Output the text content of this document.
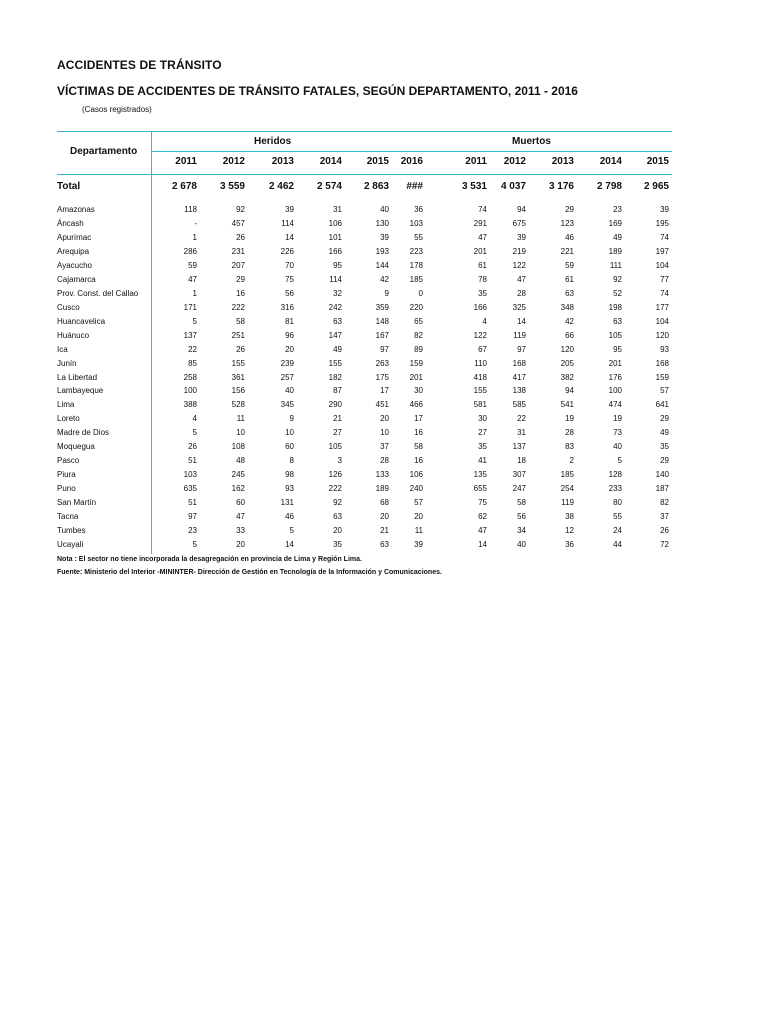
ACCIDENTES DE TRÁNSITO
VÍCTIMAS DE ACCIDENTES DE TRÁNSITO FATALES, SEGÚN DEPARTAMENTO, 2011 - 2016
(Casos registrados)
Departamento
Heridos	Muertos
2011	2012	2013	2014	2015	2016	2011	2012	2013	2014	2015
Total	2 678	3 559	2 462	2 574	2 863	###	3 531	4 037	3 176	2 798	2 965
Amazonas	118	92	39	31	40	36	74	94	29	23	39
Áncash	-	457	114	106	130	103	291	675	123	169	195
Apurímac	1	26	14	101	39	55	47	39	46	49	74
Arequipa	286	231	226	166	193	223	201	219	221	189	197
Ayacucho	59	207	70	95	144	178	61	122	59	111	104
Cajamarca	47	29	75	114	42	185	78	47	61	92	77
Prov. Const. del Callao	1	16	56	32	9	0	35	28	63	52	74
Cusco	171	222	316	242	359	220	166	325	348	198	177
Huancavelica	5	58	81	63	148	65	4	14	42	63	104
Huánuco	137	251	96	147	167	82	122	119	66	105	120
Ica	22	26	20	49	97	89	67	97	120	95	93
Junín	85	155	239	155	263	159	110	168	205	201	168
La Libertad	258	361	257	182	175	201	418	417	382	176	159
Lambayeque	100	156	40	87	17	30	155	138	94	100	57
Lima	388	528	345	290	451	466	581	585	541	474	641
Loreto	4	11	9	21	20	17	30	22	19	19	29
Madre de Dios	5	10	10	27	10	16	27	31	28	73	49
Moquegua	26	108	60	105	37	58	35	137	83	40	35
Pasco	51	48	8	3	28	16	41	18	2	5	29
Piura	103	245	98	126	133	106	135	307	185	128	140
Puno	635	162	93	222	189	240	655	247	254	233	187
San Martín	51	60	131	92	68	57	75	58	119	80	82
Tacna	97	47	46	63	20	20	62	56	38	55	37
Tumbes	23	33	5	20	21	11	47	34	12	24	26
Ucayali	5	20	14	35	63	39	14	40	36	44	72
Nota : El sector no tiene incorporada la desagregación en provincia de Lima y Región Lima.
Fuente: Ministerio del Interior -MININTER- Dirección de Gestión en Tecnología de la Información y Comunicaciones.
